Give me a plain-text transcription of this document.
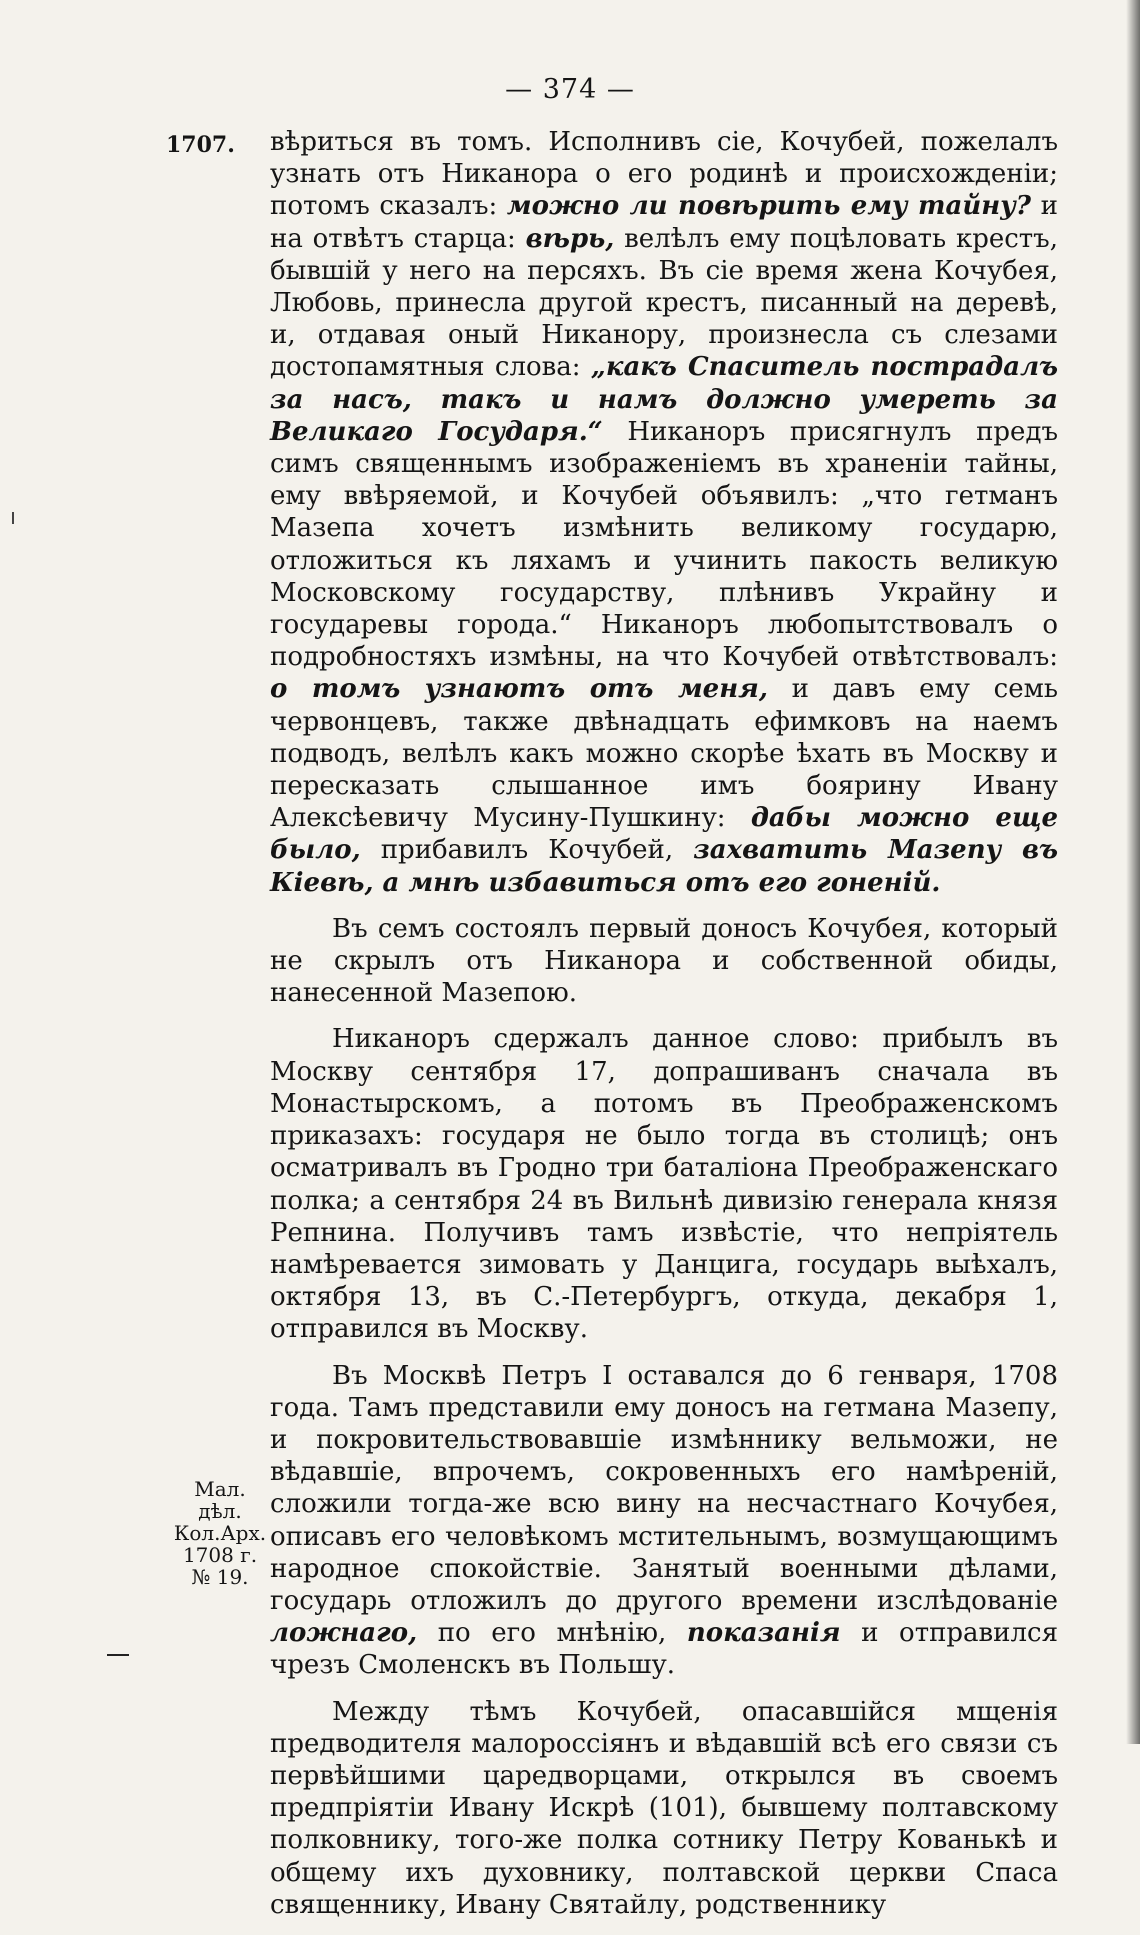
— 374 —
1707. вѣриться въ томъ. Исполнивъ сіе, Кочубей, пожелалъ узнать отъ Никанора о его родинѣ и происхожденіи; потомъ сказалъ: можно ли повѣрить ему тайну? и на отвѣтъ старца: вѣрь, велѣлъ ему поцѣловать крестъ, бывшій у него на персяхъ. Въ сіе время жена Кочубея, Любовь, принесла другой крестъ, писанный на деревѣ, и, отдавая оный Никанору, произнесла съ слезами достопамятныя слова: „какъ Спаситель пострадалъ за насъ, такъ и намъ должно умереть за Великаго Государя.“ Никаноръ присягнулъ предъ симъ священнымъ изображеніемъ въ храненіи тайны, ему ввѣряемой, и Кочубей объявилъ: „что гетманъ Мазепа хочетъ измѣнить великому государю, отложиться къ ляхамъ и учинить пакость великую Московскому государству, плѣнивъ Украйну и государевы города.“ Никаноръ любопытствовалъ о подробностяхъ измѣны, на что Кочубей отвѣтствовалъ: о томъ узнаютъ отъ меня, и давъ ему семь червонцевъ, также двѣнадцать ефимковъ на наемъ подводъ, велѣлъ какъ можно скорѣе ѣхать въ Москву и пересказать слышанное имъ боярину Ивану Алексѣевичу Мусину-Пушкину: дабы можно еще было, прибавилъ Кочубей, захватить Мазепу въ Кіевѣ, а мнѣ избавиться отъ его гоненій.

Въ семъ состоялъ первый доносъ Кочубея, который не скрылъ отъ Никанора и собственной обиды, нанесенной Мазепою.

Никаноръ сдержалъ данное слово: прибылъ въ Москву сентября 17, допрашиванъ сначала въ Монастырскомъ, а потомъ въ Преображенскомъ приказахъ: государя не было тогда въ столицѣ; онъ осматривалъ въ Гродно три баталіона Преображенскаго полка; а сентября 24 въ Вильнѣ дивизію генерала князя Репнина. Получивъ тамъ извѣстіе, что непріятель намѣревается зимовать у Данцига, государь выѣхалъ, октября 13, въ С.-Петербургъ, откуда, декабря 1, отправился въ Москву.

Въ Москвѣ Петръ I оставался до 6 генваря, 1708 года. Тамъ представили ему доносъ на гетмана Мазепу, и покровительствовавшіе измѣннику вельможи, не вѣдавшіе, впрочемъ, сокровенныхъ его намѣреній, сложили тогда-же всю вину на несчастнаго Кочубея, описавъ его человѣкомъ мстительнымъ, возмущающимъ народное спокойствіе. Занятый военными дѣлами, государь отложилъ до другого времени изслѣдованіе ложнаго, по его мнѣнію, показанія и отправился чрезъ Смоленскъ въ Польшу.

Между тѣмъ Кочубей, опасавшійся мщенія предводителя малороссіянъ и вѣдавшій всѣ его связи съ первѣйшими царедворцами, открылся въ своемъ предпріятіи Ивану Искрѣ (101), бывшему полтавскому полковнику, того-же полка сотнику Петру Кованькѣ и общему ихъ духовнику, полтавской церкви Спаса священнику, Ивану Святайлу, родственнику

Мал. дѣл.
Кол.Арх.
1708 г.
№ 19.
